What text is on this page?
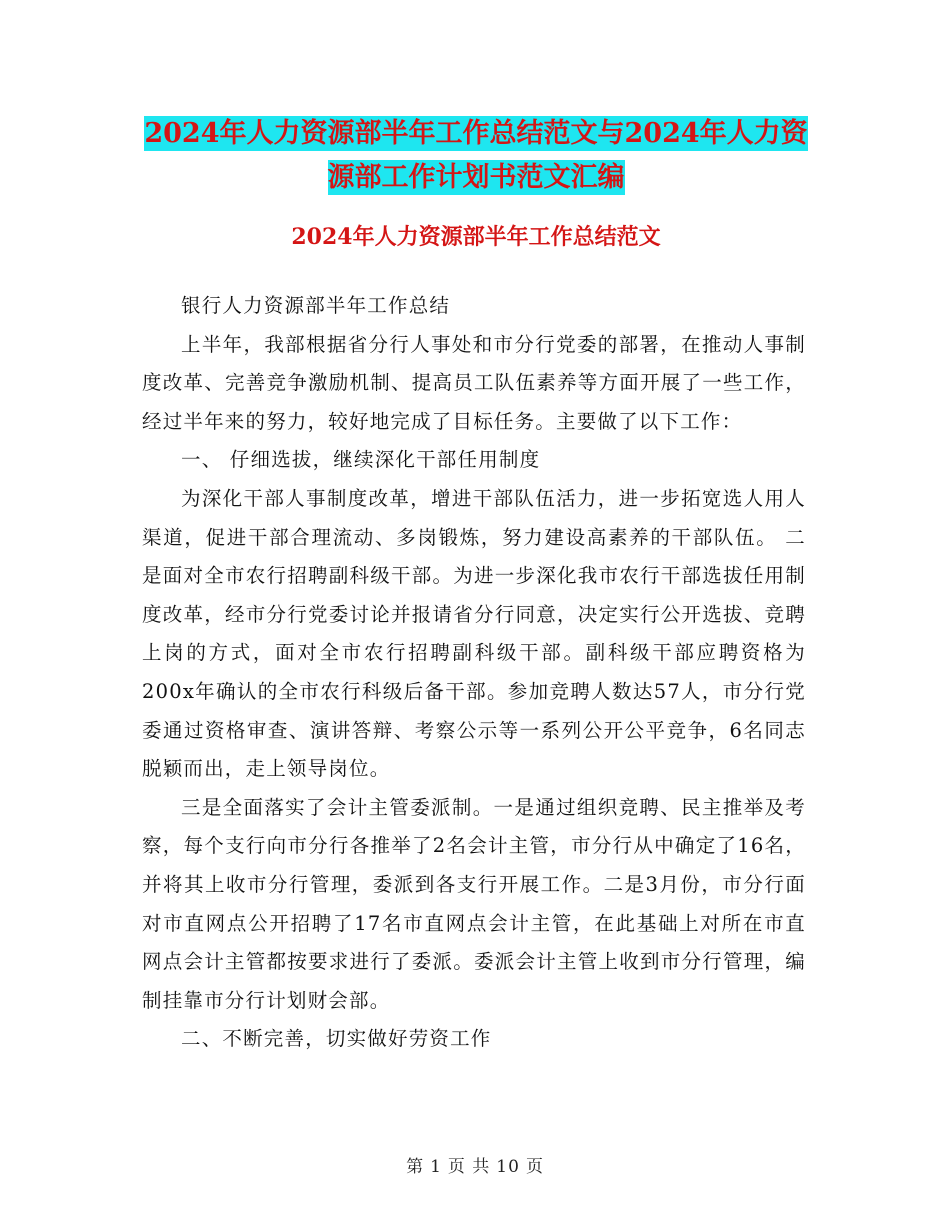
2024年人力资源部半年工作总结范文与2024年人力资
源部工作计划书范文汇编
2024年人力资源部半年工作总结范文

银行人力资源部半年工作总结

上半年，我部根据省分行人事处和市分行党委的部署，在推动人事制度改革、完善竞争激励机制、提高员工队伍素养等方面开展了一些工作，经过半年来的努力，较好地完成了目标任务。主要做了以下工作：

一、 仔细选拔，继续深化干部任用制度

为深化干部人事制度改革，增进干部队伍活力，进一步拓宽选人用人渠道，促进干部合理流动、多岗锻炼，努力建设高素养的干部队伍。 二是面对全市农行招聘副科级干部。为进一步深化我市农行干部选拔任用制度改革，经市分行党委讨论并报请省分行同意，决定实行公开选拔、竞聘上岗的方式，面对全市农行招聘副科级干部。副科级干部应聘资格为200x年确认的全市农行科级后备干部。参加竞聘人数达57人，市分行党委通过资格审查、演讲答辩、考察公示等一系列公开公平竞争，6名同志脱颖而出，走上领导岗位。

三是全面落实了会计主管委派制。一是通过组织竞聘、民主推举及考察，每个支行向市分行各推举了2名会计主管，市分行从中确定了16名，并将其上收市分行管理，委派到各支行开展工作。二是3月份，市分行面对市直网点公开招聘了17名市直网点会计主管，在此基础上对所在市直网点会计主管都按要求进行了委派。委派会计主管上收到市分行管理，编制挂靠市分行计划财会部。

二、不断完善，切实做好劳资工作

第 1 页 共 10 页
